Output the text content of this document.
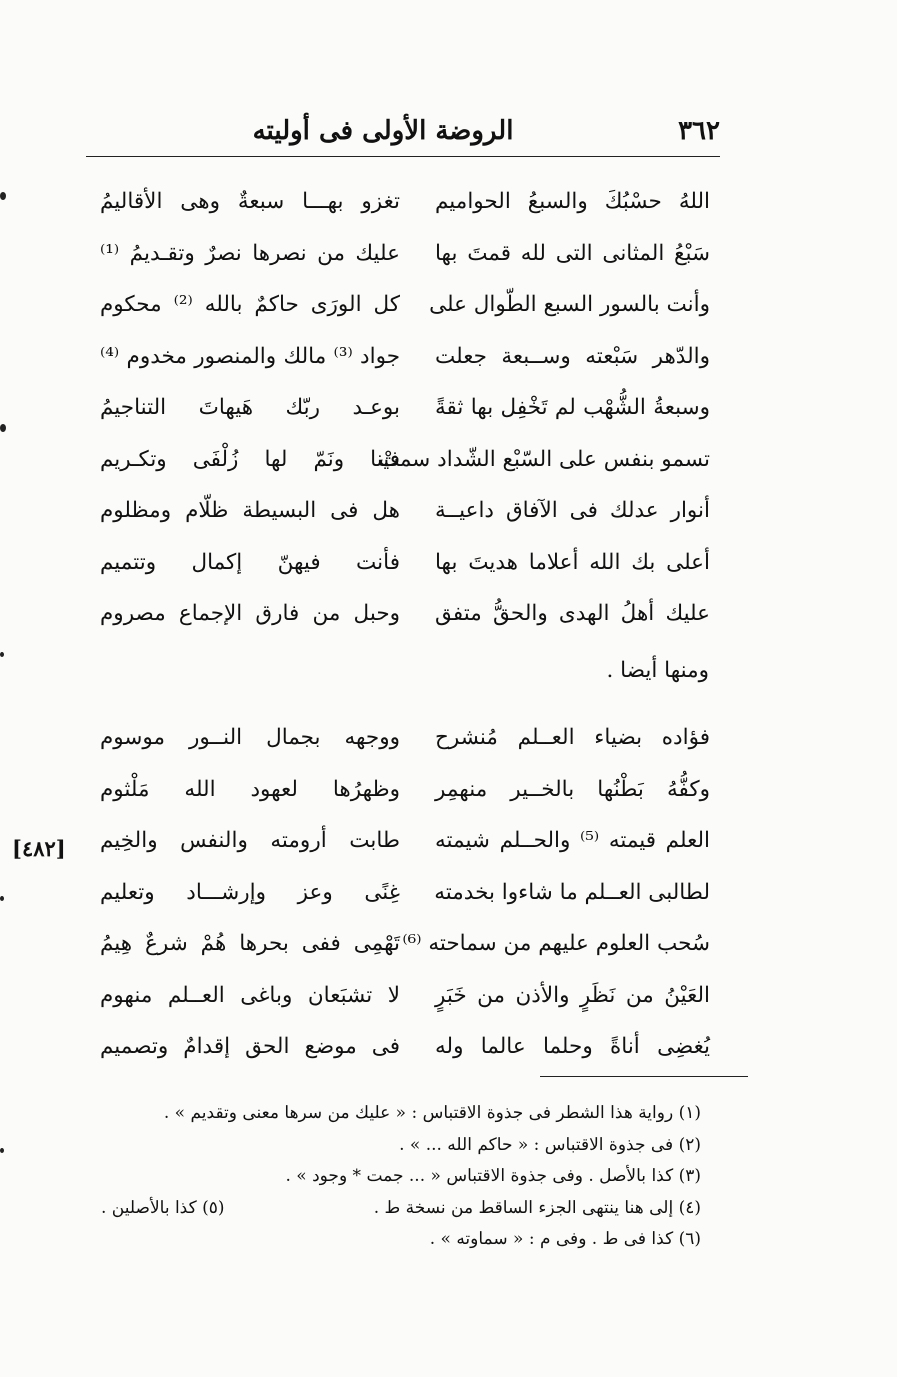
٣٦٢
الروضة الأولى فى أوليته
اللهُ حسْبُكَ والسبعُ الحواميم
تغزو بهـــا سبعةٌ وهى الأقاليمُ
سَبْعُ المثانى التى لله قمتَ بها
عليك من نصرها نصرٌ وتقـديمُ ⁽¹⁾
وأنت بالسور السبع الطّوال على
كل الورَى حاكمٌ بالله ⁽²⁾ محكوم
والدّهر سَبْعته وســبعة جعلت
جواد ⁽³⁾ مالك والمنصور مخدوم ⁽⁴⁾
وسبعةُ الشُّهْب لم تَخْفِل بها ثقةً
بوعـد ربّك هَيهاتَ التناجيمُ
تسمو بنفس على السّبْع الشّداد سمتْ
فينا ونَمّ لها زُلْفَى وتكـريم
أنوار عدلك فى الآفاق داعيــة
هل فى البسيطة ظلّام ومظلوم
أعلى بك الله أعلاما هديتَ بها
فأنت فيهنّ إكمال وتتميم
عليك أهلُ الهدى والحقُّ متفق
وحبل من فارق الإجماع مصروم
ومنها أيضا .
فؤاده بضياء العــلم مُنشرح
ووجهه بجمال النــور موسوم
وكفُّهُ بَطْنُها بالخــير منهمِر
وظهرُها لعهود الله مَلْثوم
العلم قيمته ⁽⁵⁾ والحــلم شيمته
طابت أرومته والنفس والخِيم
لطالبى العــلم ما شاءوا بخدمته
غِنًى وعز وإرشـــاد وتعليم
سُحب العلوم عليهم من سماحته ⁽⁶⁾
تَهْمِى ففى بحرها هُمْ شرعٌ هِيمُ
العَيْنُ من نَظَرٍ والأذن من خَبَرٍ
لا تشبَعان وباغى العــلم منهوم
يُغضِى أناةً وحلما عالما وله
فى موضع الحق إقدامٌ وتصميم
[٤٨٢]
(١) رواية هذا الشطر فى جذوة الاقتباس : « عليك من سرها معنى وتقديم » .
(٢) فى جذوة الاقتباس : « حاكم الله ... » .
(٣) كذا بالأصل . وفى جذوة الاقتباس « ... جمت * وجود » .
(٤) إلى هنا ينتهى الجزء الساقط من نسخة ط .
(٥) كذا بالأصلين .
(٦) كذا فى ط . وفى م : « سماوته » .
